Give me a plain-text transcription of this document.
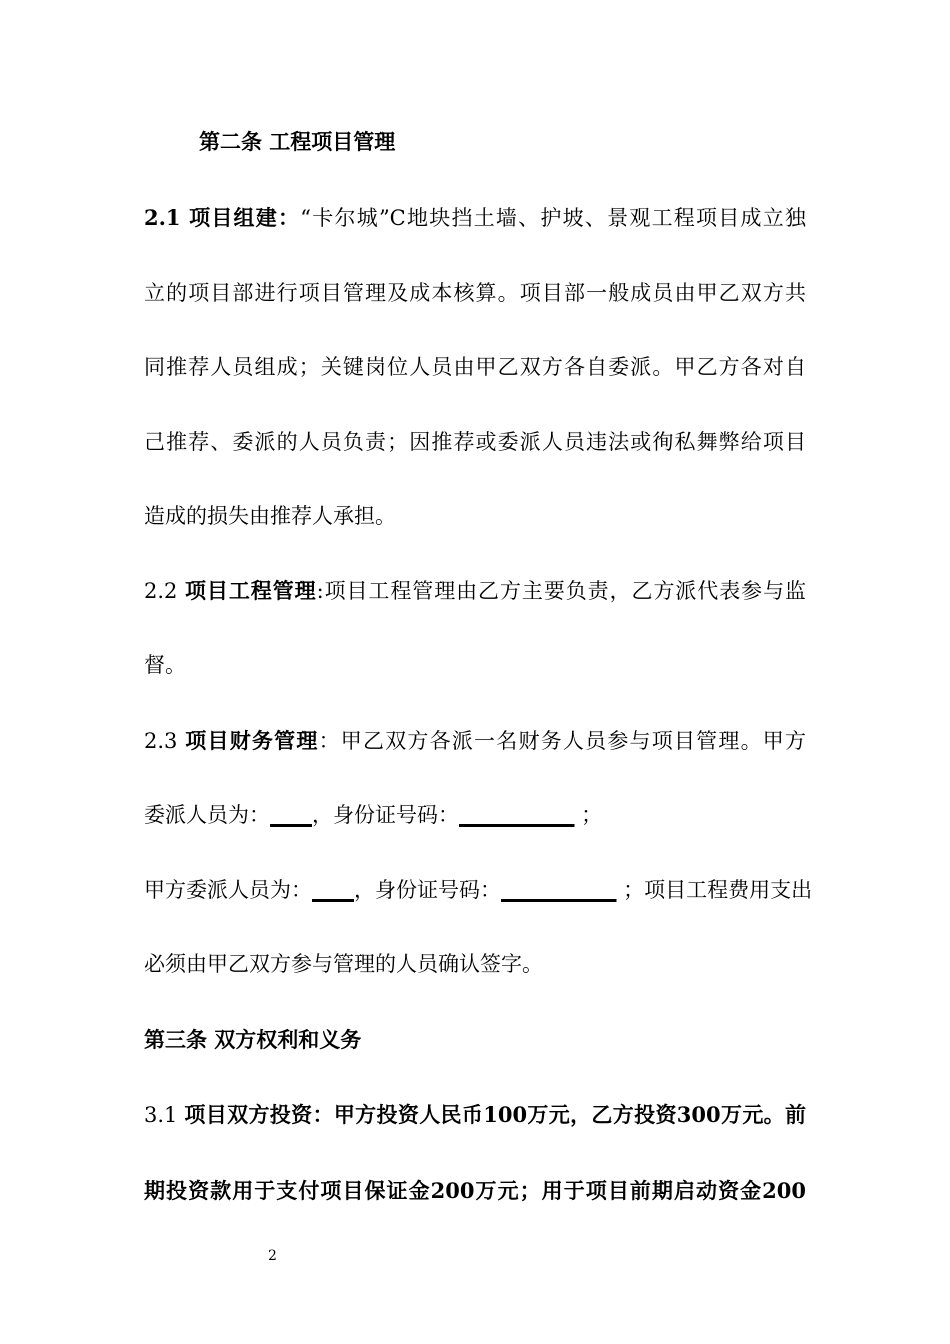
第二条 工程项目管理
2.1 项目组建：“卡尔城”C地块挡土墙、护坡、景观工程项目成立独
立的项目部进行项目管理及成本核算。项目部一般成员由甲乙双方共
同推荐人员组成；关键岗位人员由甲乙双方各自委派。甲乙方各对自
己推荐、委派的人员负责；因推荐或委派人员违法或徇私舞弊给项目
造成的损失由推荐人承担。
2.2 项目工程管理:项目工程管理由乙方主要负责，乙方派代表参与监
督。
2.3 项目财务管理：甲乙双方各派一名财务人员参与项目管理。甲方
委派人员为：____，身份证号码：___________ ；
甲方委派人员为：____，身份证号码：___________ ；项目工程费用支出
必须由甲乙双方参与管理的人员确认签字。
第三条 双方权利和义务
3.1 项目双方投资：甲方投资人民币100万元，乙方投资300万元。前
期投资款用于支付项目保证金200万元；用于项目前期启动资金200
2
